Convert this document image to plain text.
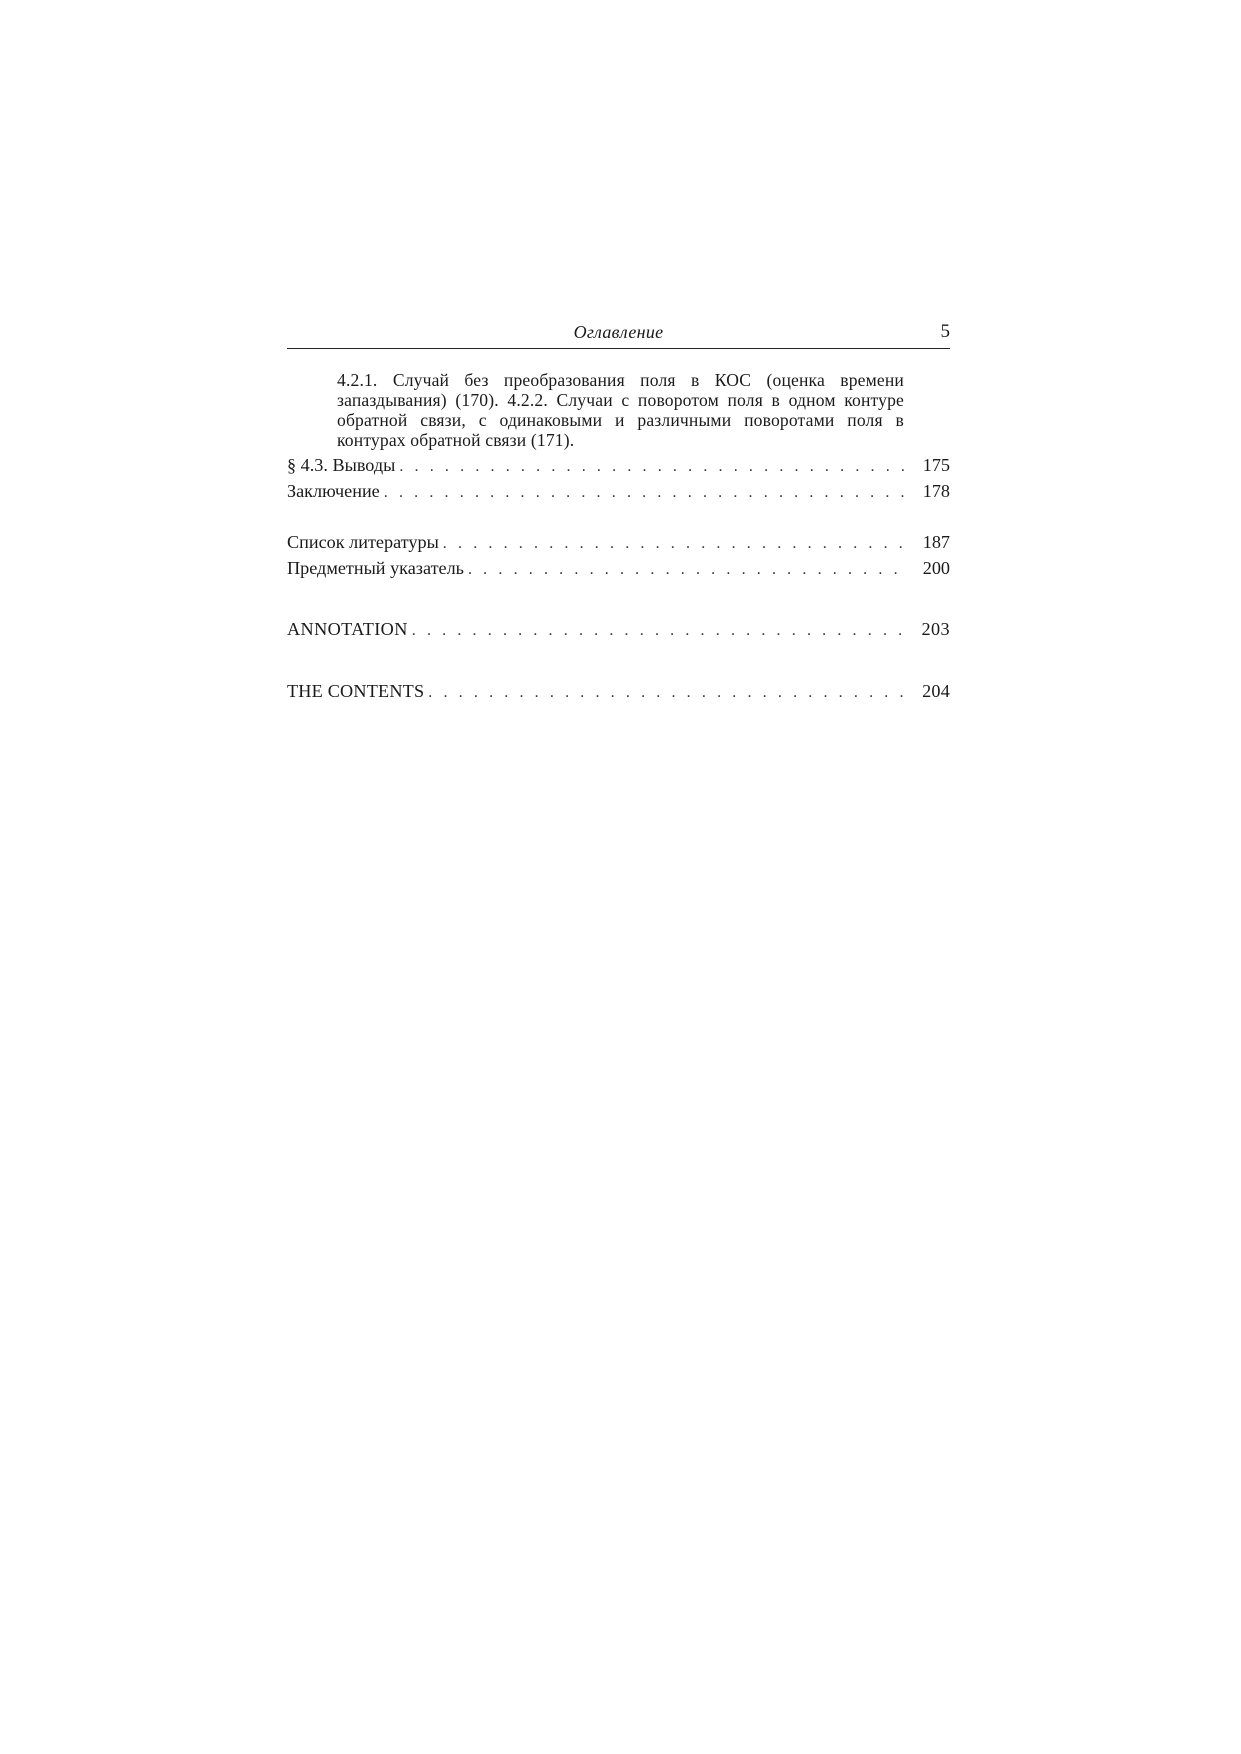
Оглавление	5
4.2.1. Случай без преобразования поля в КОС (оценка времени запаздывания) (170). 4.2.2. Случаи с поворотом поля в одном контуре обратной связи, с одинаковыми и различными поворотами поля в контурах обратной связи (171).
§ 4.3. Выводы . . .	175
Заключение . . .	178
Список литературы . . .	187
Предметный указатель . . .	200
ANNOTATION . . .	203
THE CONTENTS . . .	204
